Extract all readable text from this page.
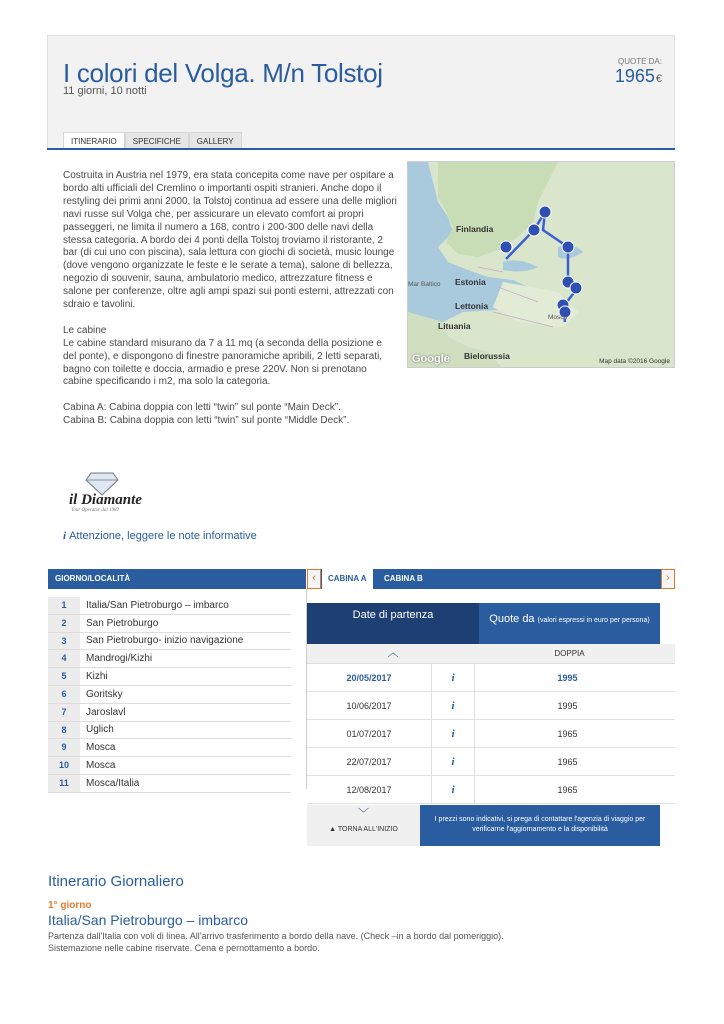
I colori del Volga. M/n Tolstoj
11 giorni, 10 notti
QUOTE DA:
1965€
ITINERARIO	SPECIFICHE	GALLERY

Costruita in Austria nel 1979, era stata concepita come nave per ospitare a bordo alti ufficiali del Cremlino o importanti ospiti stranieri. Anche dopo il restyling dei primi anni 2000, la Tolstoj continua ad essere una delle migliori navi russe sul Volga che, per assicurare un elevato comfort ai propri passeggeri, ne limita il numero a 168, contro i 200-300 delle navi della stessa categoria. A bordo dei 4 ponti della Tolstoj troviamo il ristorante, 2 bar (di cui uno con piscina), sala lettura con giochi di società, music lounge (dove vengono organizzate le feste e le serate a tema), salone di bellezza, negozio di souvenir, sauna, ambulatorio medico, attrezzature fitness e salone per conferenze, oltre agli ampi spazi sui ponti esterni, attrezzati con sdraio e tavolini.

Le cabine

Le cabine standard misurano da 7 a 11 mq (a seconda della posizione e del ponte), e dispongono di finestre panoramiche apribili, 2 letti separati, bagno con toilette e doccia, armadio e prese 220V. Non si prenotano cabine specificando i m2, ma solo la categoria.

Cabina A: Cabina doppia con letti “twin” sul ponte “Main Deck”.
Cabina B: Cabina doppia con letti “twin” sul ponte “Middle Deck”.
Finlandia
Estonia
Lettonia
Lituania
Bielorussia
Mar Baltico
Mosca
Google	Map data ©2016 Google
il Diamante
Tour Operator dal 1982
i Attenzione, leggere le note informative
GIORNO/LOCALITÀ
1	Italia/San Pietroburgo – imbarco
2	San Pietroburgo
3	San Pietroburgo- inizio navigazione
4	Mandrogi/Kizhi
5	Kizhi
6	Goritsky
7	Jaroslavl
8	Uglich
9	Mosca
10	Mosca
11	Mosca/Italia
‹	CABINA A	CABINA B	›
Date di partenza	Quote da (valori espressi in euro per persona)
︿	DOPPIA
20/05/2017	i	1995
10/06/2017	i	1995
01/07/2017	i	1965
22/07/2017	i	1965
12/08/2017	i	1965
﹀
▲ TORNA ALL'INIZIO
I prezzi sono indicativi, si prega di contattare l'agenzia di viaggio per verificarne l'aggiornamento e la disponibilità
Itinerario Giornaliero
1° giorno
Italia/San Pietroburgo – imbarco
Partenza dall'Italia con voli di linea. All'arrivo trasferimento a bordo della nave. (Check –in a bordo dal pomeriggio). Sistemazione nelle cabine riservate. Cena e pernottamento a bordo.
